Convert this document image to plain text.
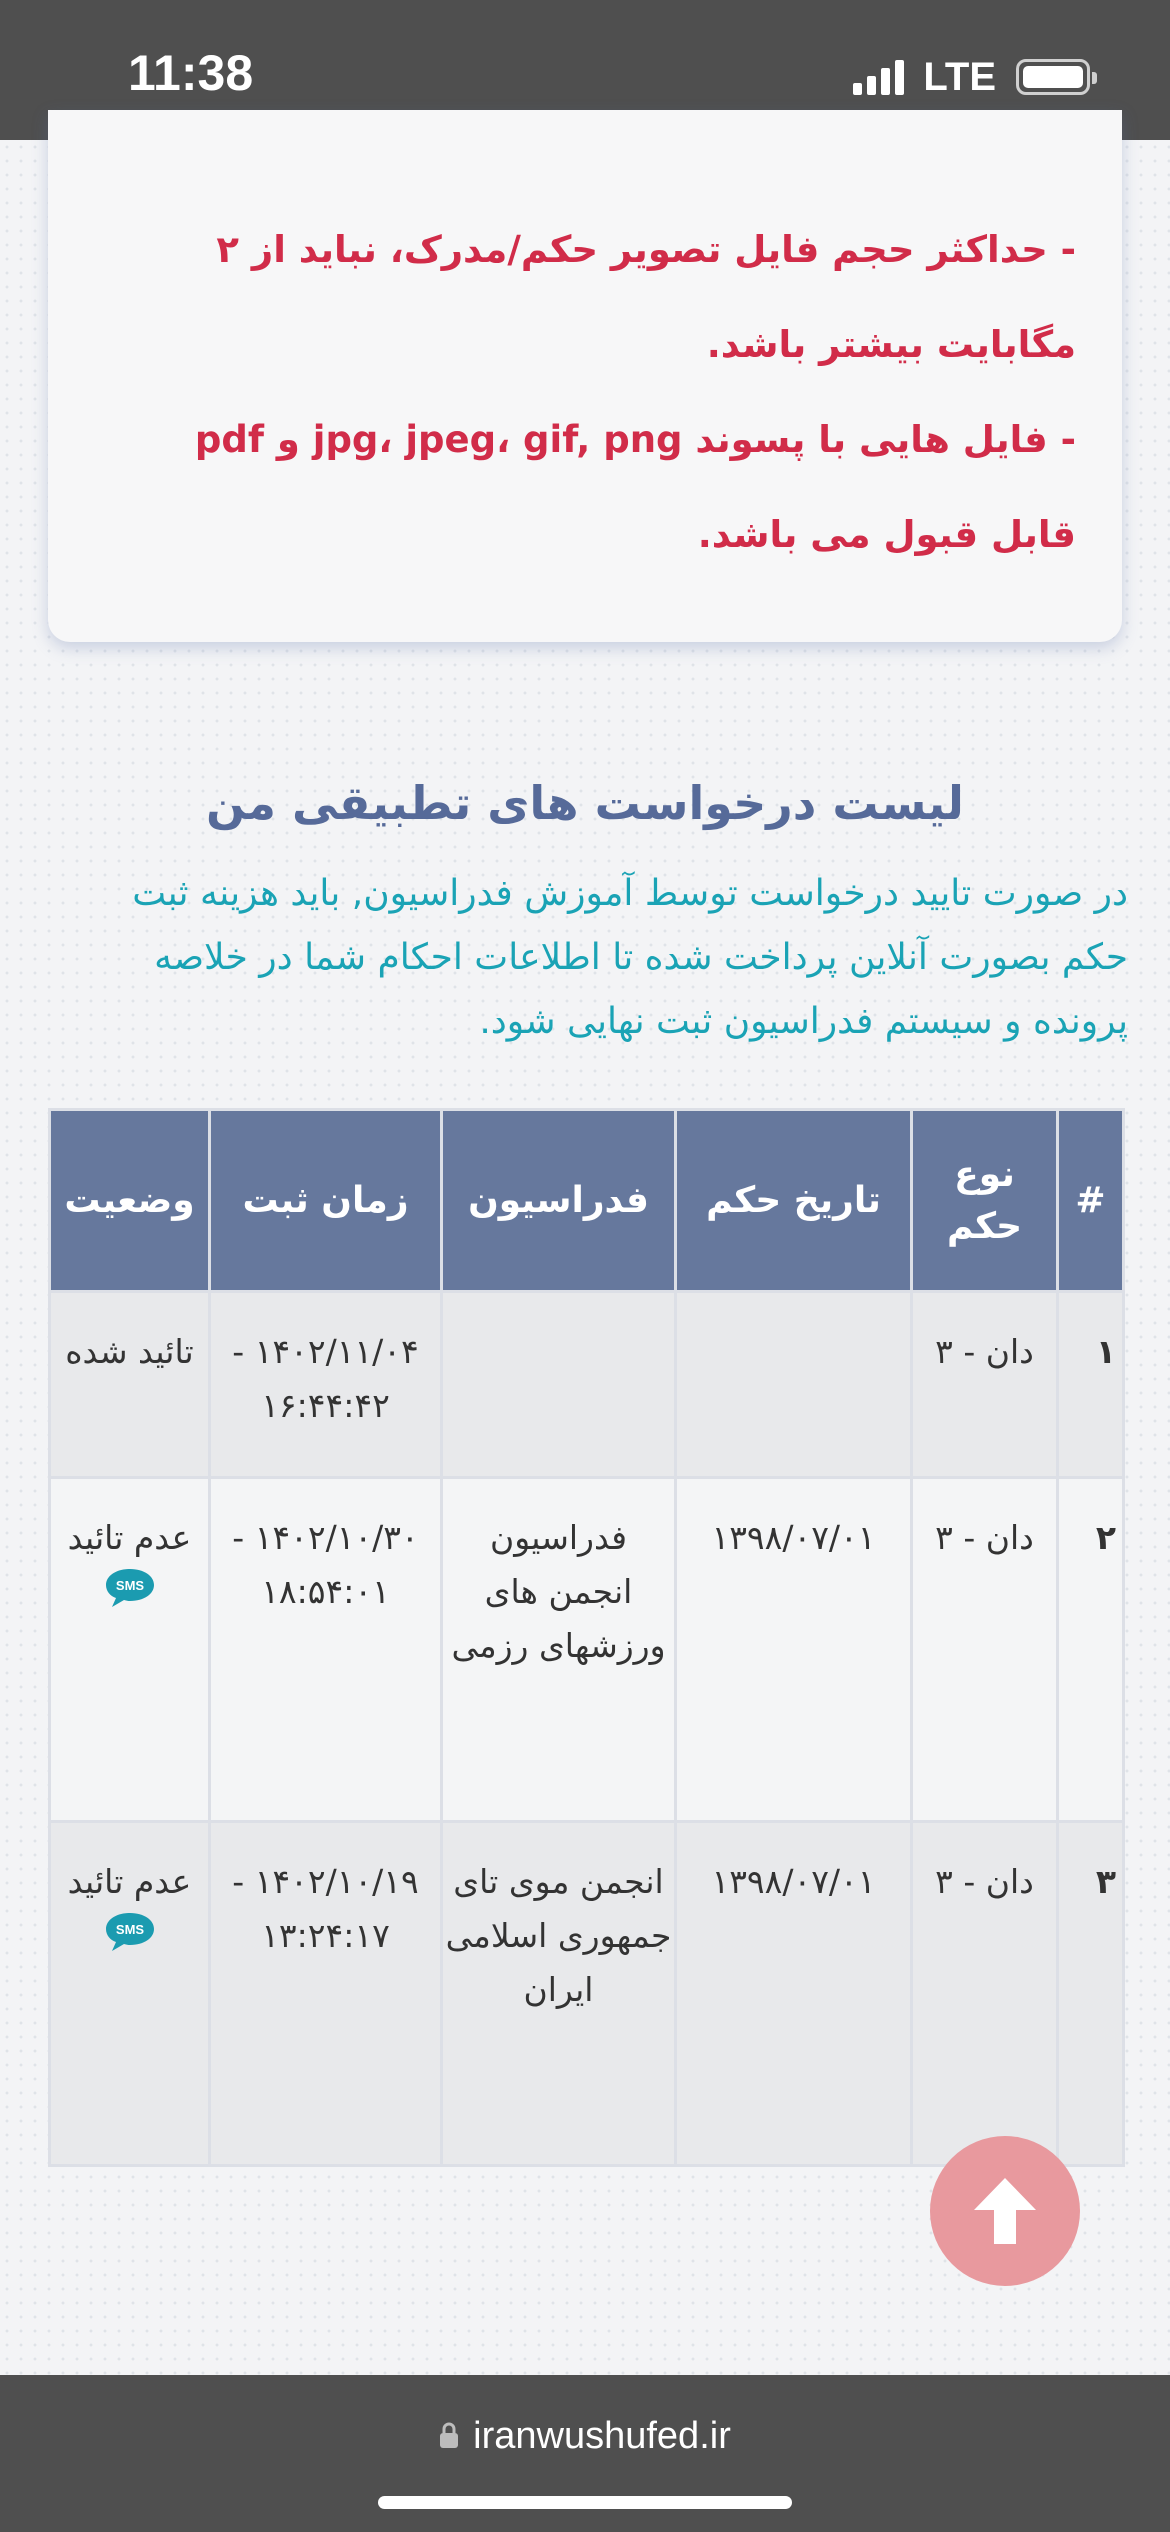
11:38	LTE
- حداکثر حجم فایل تصویر حکم/مدرک، نباید از ۲
مگابایت بیشتر باشد.
- فایل هایی با پسوند jpg، jpeg، gif, png و pdf
قابل قبول می باشد.
لیست درخواست های تطبیقی من
در صورت تایید درخواست توسط آموزش فدراسیون, باید هزینه ثبت حکم بصورت آنلاین پرداخت شده تا اطلاعات احکام شما در خلاصه پرونده و سیستم فدراسیون ثبت نهایی شود.
#	نوع حکم	تاریخ حکم	فدراسیون	زمان ثبت	وضعیت
۱	دان - ۳			۱۴۰۲/۱۱/۰۴ - ۱۶:۴۴:۴۲	تائید شده

۲	دان - ۳	۱۳۹۸/۰۷/۰۱	فدراسیون انجمن های ورزشهای رزمی	۱۴۰۲/۱۰/۳۰ - ۱۸:۵۴:۰۱	عدم تائید
SMS

۳	دان - ۳	۱۳۹۸/۰۷/۰۱	انجمن موی تای جمهوری اسلامی ایران	۱۴۰۲/۱۰/۱۹ - ۱۳:۲۴:۱۷	عدم تائید
SMS
iranwushufed.ir
